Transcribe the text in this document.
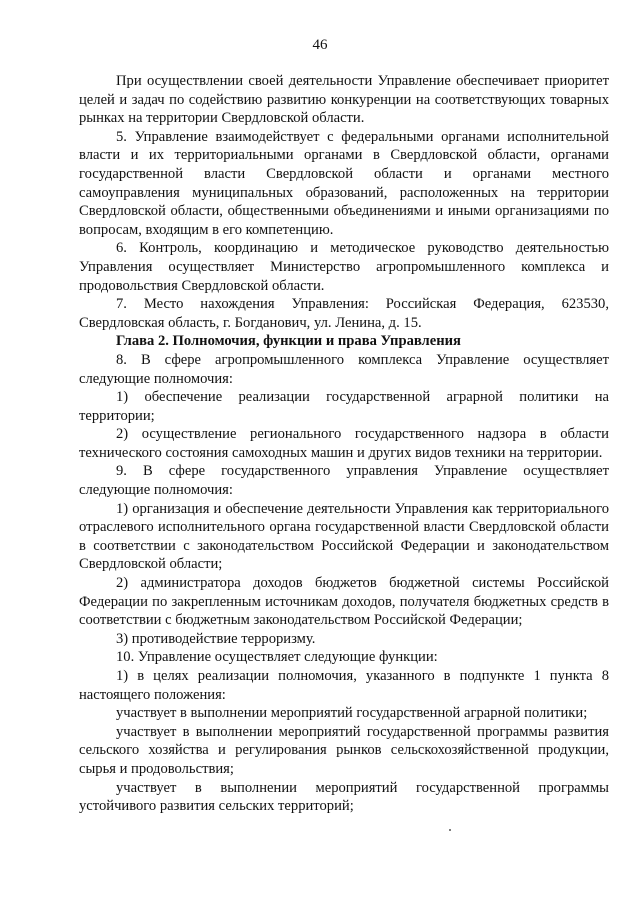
46

При осуществлении своей деятельности Управление обеспечивает приоритет целей и задач по содействию развитию конкуренции на соответствующих товарных рынках на территории Свердловской области.

5. Управление взаимодействует с федеральными органами исполнительной власти и их территориальными органами в Свердловской области, органами государственной власти Свердловской области и органами местного самоуправления муниципальных образований, расположенных на территории Свердловской области, общественными объединениями и иными организациями по вопросам, входящим в его компетенцию.

6. Контроль, координацию и методическое руководство деятельностью Управления осуществляет Министерство агропромышленного комплекса и продовольствия Свердловской области.

7. Место нахождения Управления: Российская Федерация, 623530, Свердловская область, г. Богданович, ул. Ленина, д. 15.

Глава 2. Полномочия, функции и права Управления

8. В сфере агропромышленного комплекса Управление осуществляет следующие полномочия:

1) обеспечение реализации государственной аграрной политики на территории;

2) осуществление регионального государственного надзора в области технического состояния самоходных машин и других видов техники на территории.

9. В сфере государственного управления Управление осуществляет следующие полномочия:

1) организация и обеспечение деятельности Управления как территориального отраслевого исполнительного органа государственной власти Свердловской области в соответствии с законодательством Российской Федерации и законодательством Свердловской области;

2) администратора доходов бюджетов бюджетной системы Российской Федерации по закрепленным источникам доходов, получателя бюджетных средств в соответствии с бюджетным законодательством Российской Федерации;

3) противодействие терроризму.

10. Управление осуществляет следующие функции:

1) в целях реализации полномочия, указанного в подпункте 1 пункта 8 настоящего положения:

участвует в выполнении мероприятий государственной аграрной политики;

участвует в выполнении мероприятий государственной программы развития сельского хозяйства и регулирования рынков сельскохозяйственной продукции, сырья и продовольствия;

участвует в выполнении мероприятий государственной программы устойчивого развития сельских территорий;
